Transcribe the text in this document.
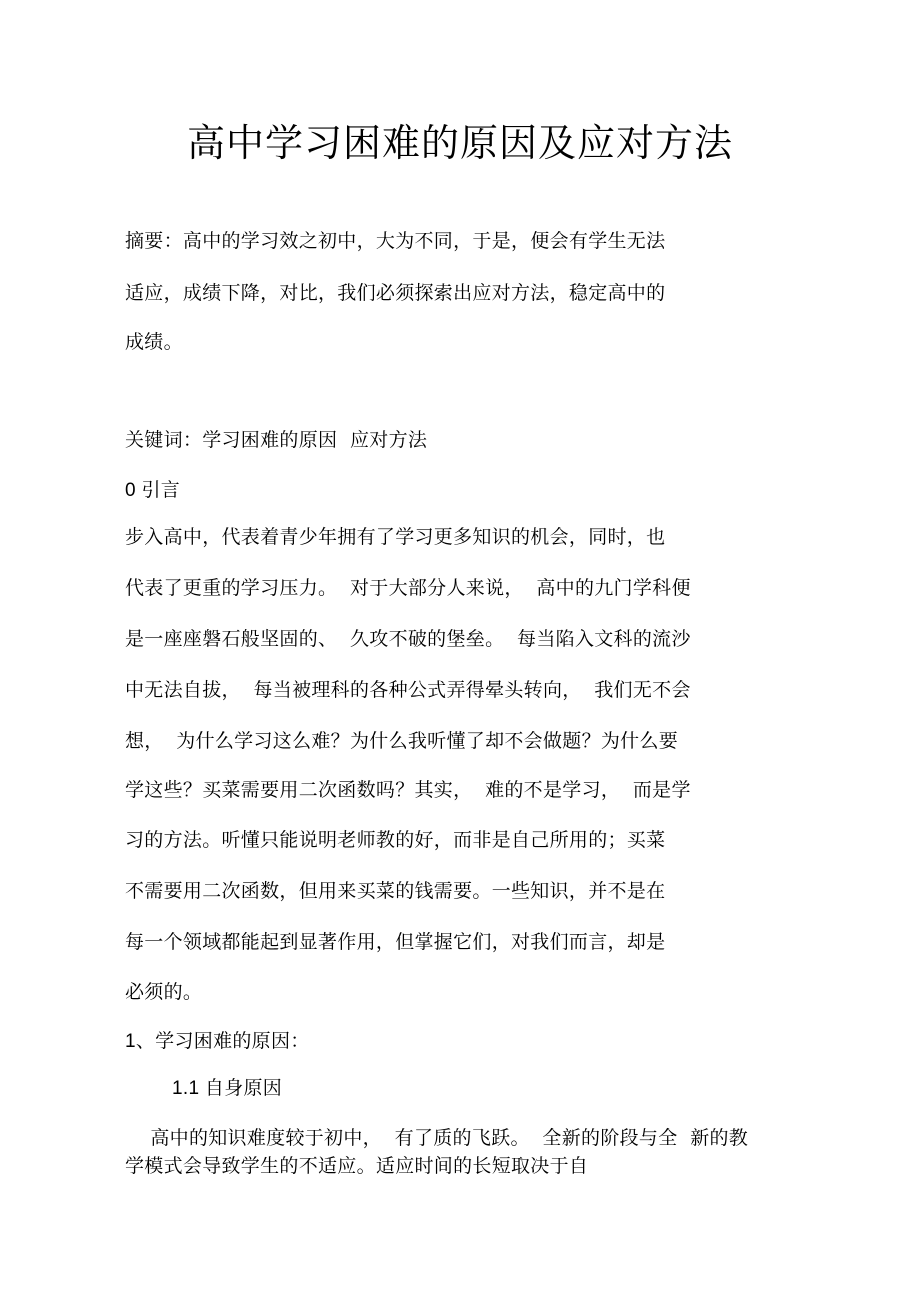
高中学习困难的原因及应对方法
摘要：高中的学习效之初中，大为不同，于是，便会有学生无法
适应，成绩下降，对比，我们必须探索出应对方法，稳定高中的
成绩。
关键词：学习困难的原因  应对方法
0 引言
步入高中，代表着青少年拥有了学习更多知识的机会，同时，也
代表了更重的学习压力。  对于大部分人来说，  高中的九门学科便
是一座座磐石般坚固的、  久攻不破的堡垒。  每当陷入文科的流沙
中无法自拔，  每当被理科的各种公式弄得晕头转向，  我们无不会
想，  为什么学习这么难？为什么我听懂了却不会做题？为什么要
学这些？买菜需要用二次函数吗？其实，  难的不是学习，  而是学
习的方法。听懂只能说明老师教的好，而非是自己所用的；买菜
不需要用二次函数，但用来买菜的钱需要。一些知识，并不是在
每一个领域都能起到显著作用，但掌握它们，对我们而言，却是
必须的。
1、学习困难的原因：
1.1 自身原因
高中的知识难度较于初中，  有了质的飞跃。  全新的阶段与全  新的教
学模式会导致学生的不适应。适应时间的长短取决于自
